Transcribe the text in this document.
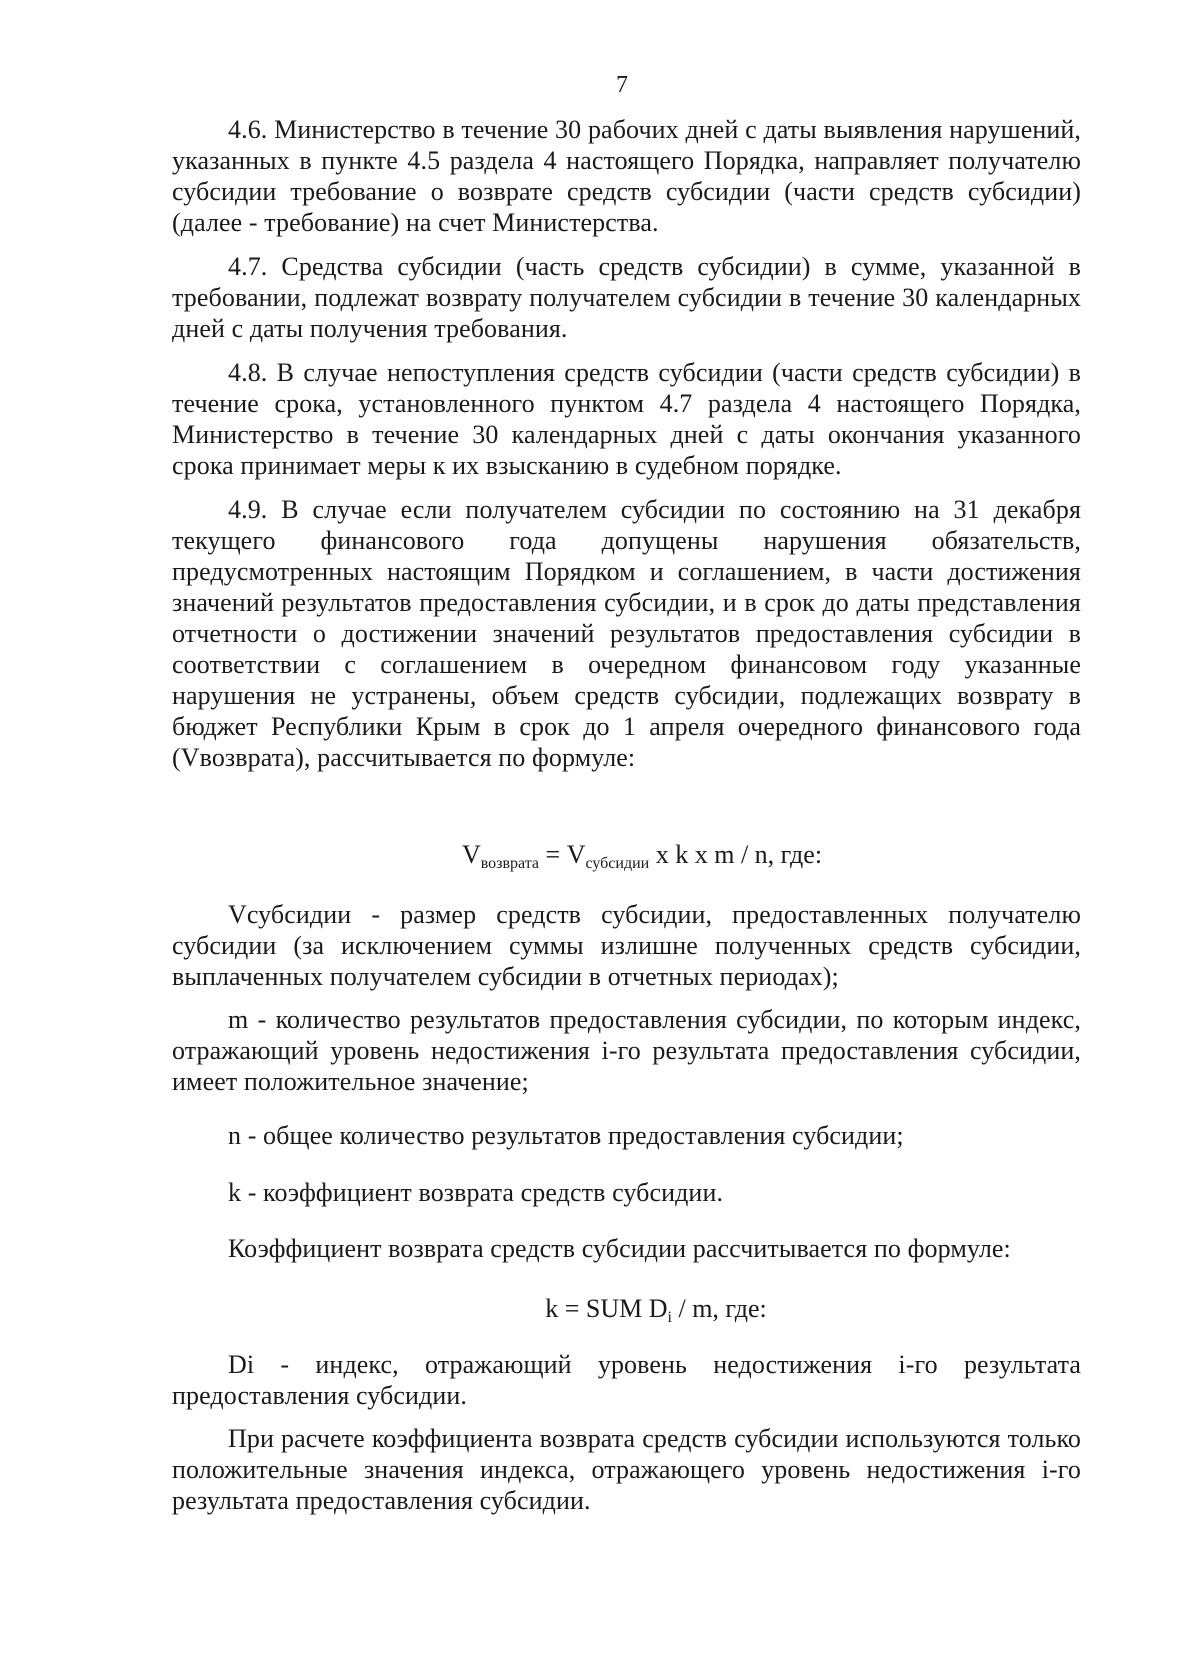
7
4.6. Министерство в течение 30 рабочих дней с даты выявления нарушений, указанных в пункте 4.5 раздела 4 настоящего Порядка, направляет получателю субсидии требование о возврате средств субсидии (части средств субсидии) (далее - требование) на счет Министерства.
4.7. Средства субсидии (часть средств субсидии) в сумме, указанной в требовании, подлежат возврату получателем субсидии в течение 30 календарных дней с даты получения требования.
4.8. В случае непоступления средств субсидии (части средств субсидии) в течение срока, установленного пунктом 4.7 раздела 4 настоящего Порядка, Министерство в течение 30 календарных дней с даты окончания указанного срока принимает меры к их взысканию в судебном порядке.
4.9. В случае если получателем субсидии по состоянию на 31 декабря текущего финансового года допущены нарушения обязательств, предусмотренных настоящим Порядком и соглашением, в части достижения значений результатов предоставления субсидии, и в срок до даты представления отчетности о достижении значений результатов предоставления субсидии в соответствии с соглашением в очередном финансовом году указанные нарушения не устранены, объем средств субсидии, подлежащих возврату в бюджет Республики Крым в срок до 1 апреля очередного финансового года (Vвозврата), рассчитывается по формуле:
$V_{возврата} = V_{субсидии}$ x k x m / n, где:
Vсубсидии - размер средств субсидии, предоставленных получателю субсидии (за исключением суммы излишне полученных средств субсидии, выплаченных получателем субсидии в отчетных периодах);
m - количество результатов предоставления субсидии, по которым индекс, отражающий уровень недостижения i-го результата предоставления субсидии, имеет положительное значение;
n - общее количество результатов предоставления субсидии;
k - коэффициент возврата средств субсидии.
Коэффициент возврата средств субсидии рассчитывается по формуле:
k = SUM $D_i$ / m, где:
Di - индекс, отражающий уровень недостижения i-го результата предоставления субсидии.
При расчете коэффициента возврата средств субсидии используются только положительные значения индекса, отражающего уровень недостижения i-го результата предоставления субсидии.
